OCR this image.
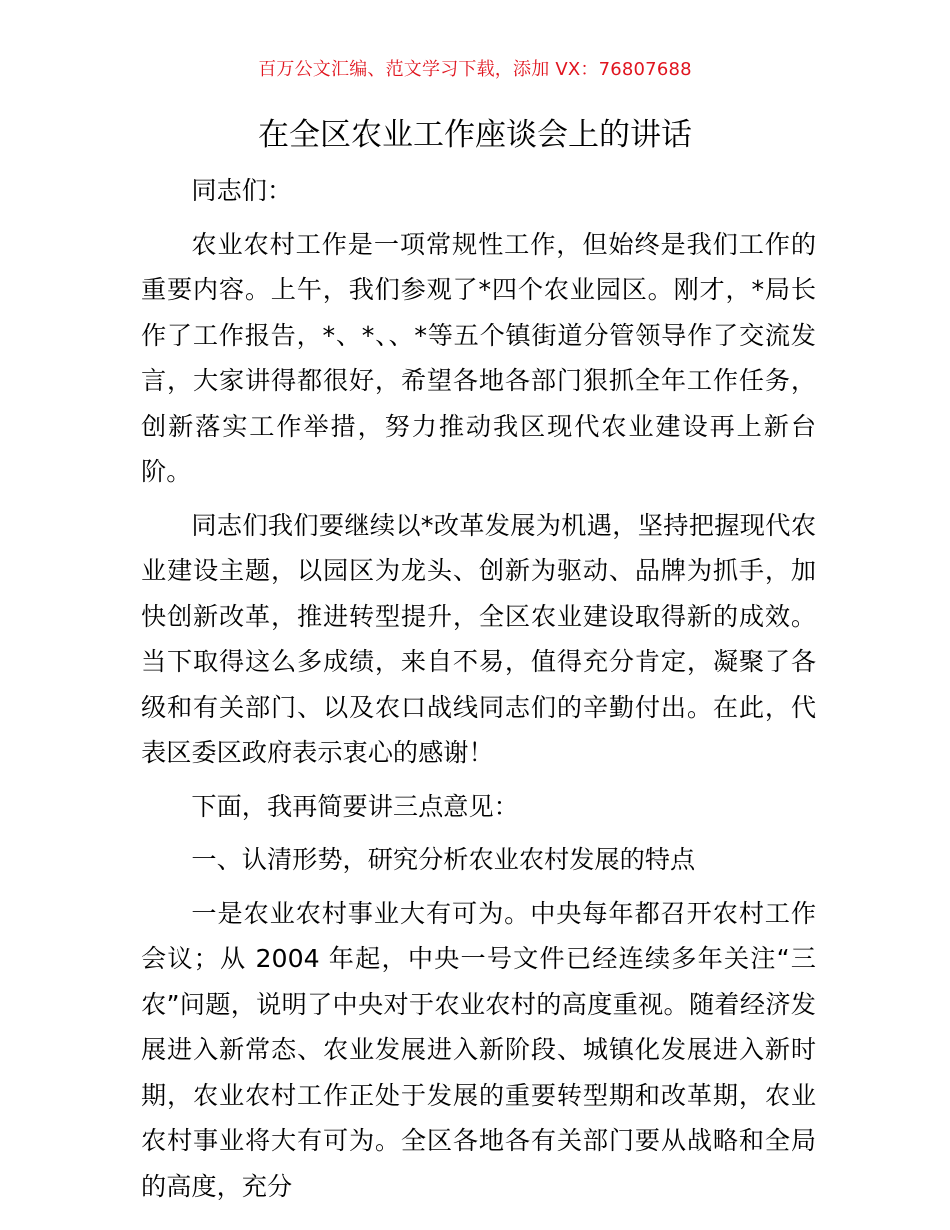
百万公文汇编、范文学习下载，添加 VX：76807688
在全区农业工作座谈会上的讲话

同志们：

农业农村工作是一项常规性工作，但始终是我们工作的重要内容。上午，我们参观了*四个农业园区。刚才，*局长作了工作报告，*、*、、*等五个镇街道分管领导作了交流发言，大家讲得都很好，希望各地各部门狠抓全年工作任务，创新落实工作举措，努力推动我区现代农业建设再上新台阶。

同志们我们要继续以*改革发展为机遇，坚持把握现代农业建设主题，以园区为龙头、创新为驱动、品牌为抓手，加快创新改革，推进转型提升，全区农业建设取得新的成效。当下取得这么多成绩，来自不易，值得充分肯定，凝聚了各级和有关部门、以及农口战线同志们的辛勤付出。在此，代表区委区政府表示衷心的感谢！

下面，我再简要讲三点意见：

一、认清形势，研究分析农业农村发展的特点

一是农业农村事业大有可为。中央每年都召开农村工作会议；从 2004 年起，中央一号文件已经连续多年关注“三农”问题，说明了中央对于农业农村的高度重视。随着经济发展进入新常态、农业发展进入新阶段、城镇化发展进入新时期，农业农村工作正处于发展的重要转型期和改革期，农业农村事业将大有可为。全区各地各有关部门要从战略和全局的高度，充分
